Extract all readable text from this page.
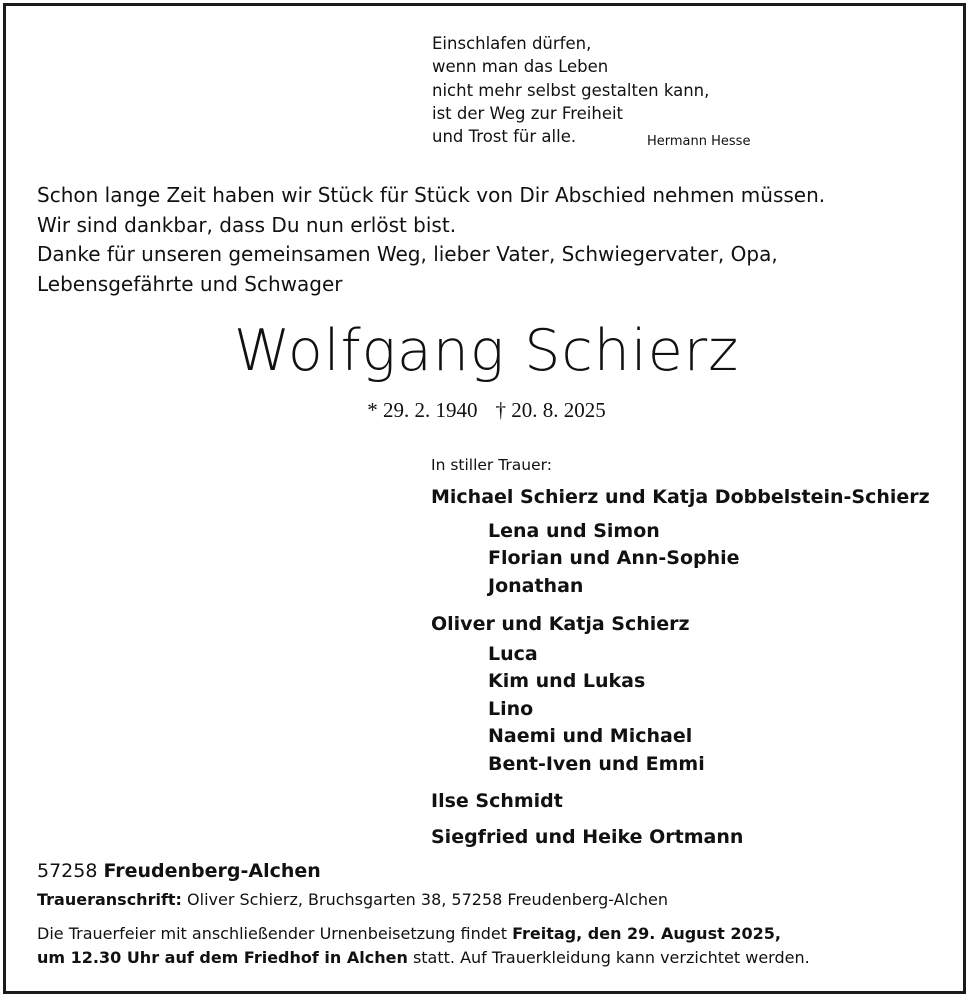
Einschlafen dürfen,
wenn man das Leben
nicht mehr selbst gestalten kann,
ist der Weg zur Freiheit
und Trost für alle.	Hermann Hesse
Schon lange Zeit haben wir Stück für Stück von Dir Abschied nehmen müssen.
Wir sind dankbar, dass Du nun erlöst bist.
Danke für unseren gemeinsamen Weg, lieber Vater, Schwiegervater, Opa,
Lebensgefährte und Schwager
Wolfgang Schierz
* 29. 2. 1940 † 20. 8. 2025
In stiller Trauer:
Michael Schierz und Katja Dobbelstein-Schierz
Lena und Simon
Florian und Ann-Sophie
Jonathan
Oliver und Katja Schierz
Luca
Kim und Lukas
Lino
Naemi und Michael
Bent-Iven und Emmi
Ilse Schmidt
Siegfried und Heike Ortmann
57258 Freudenberg-Alchen
Traueranschrift: Oliver Schierz, Bruchsgarten 38, 57258 Freudenberg-Alchen
Die Trauerfeier mit anschließender Urnenbeisetzung findet Freitag, den 29. August 2025,
um 12.30 Uhr auf dem Friedhof in Alchen statt. Auf Trauerkleidung kann verzichtet werden.
